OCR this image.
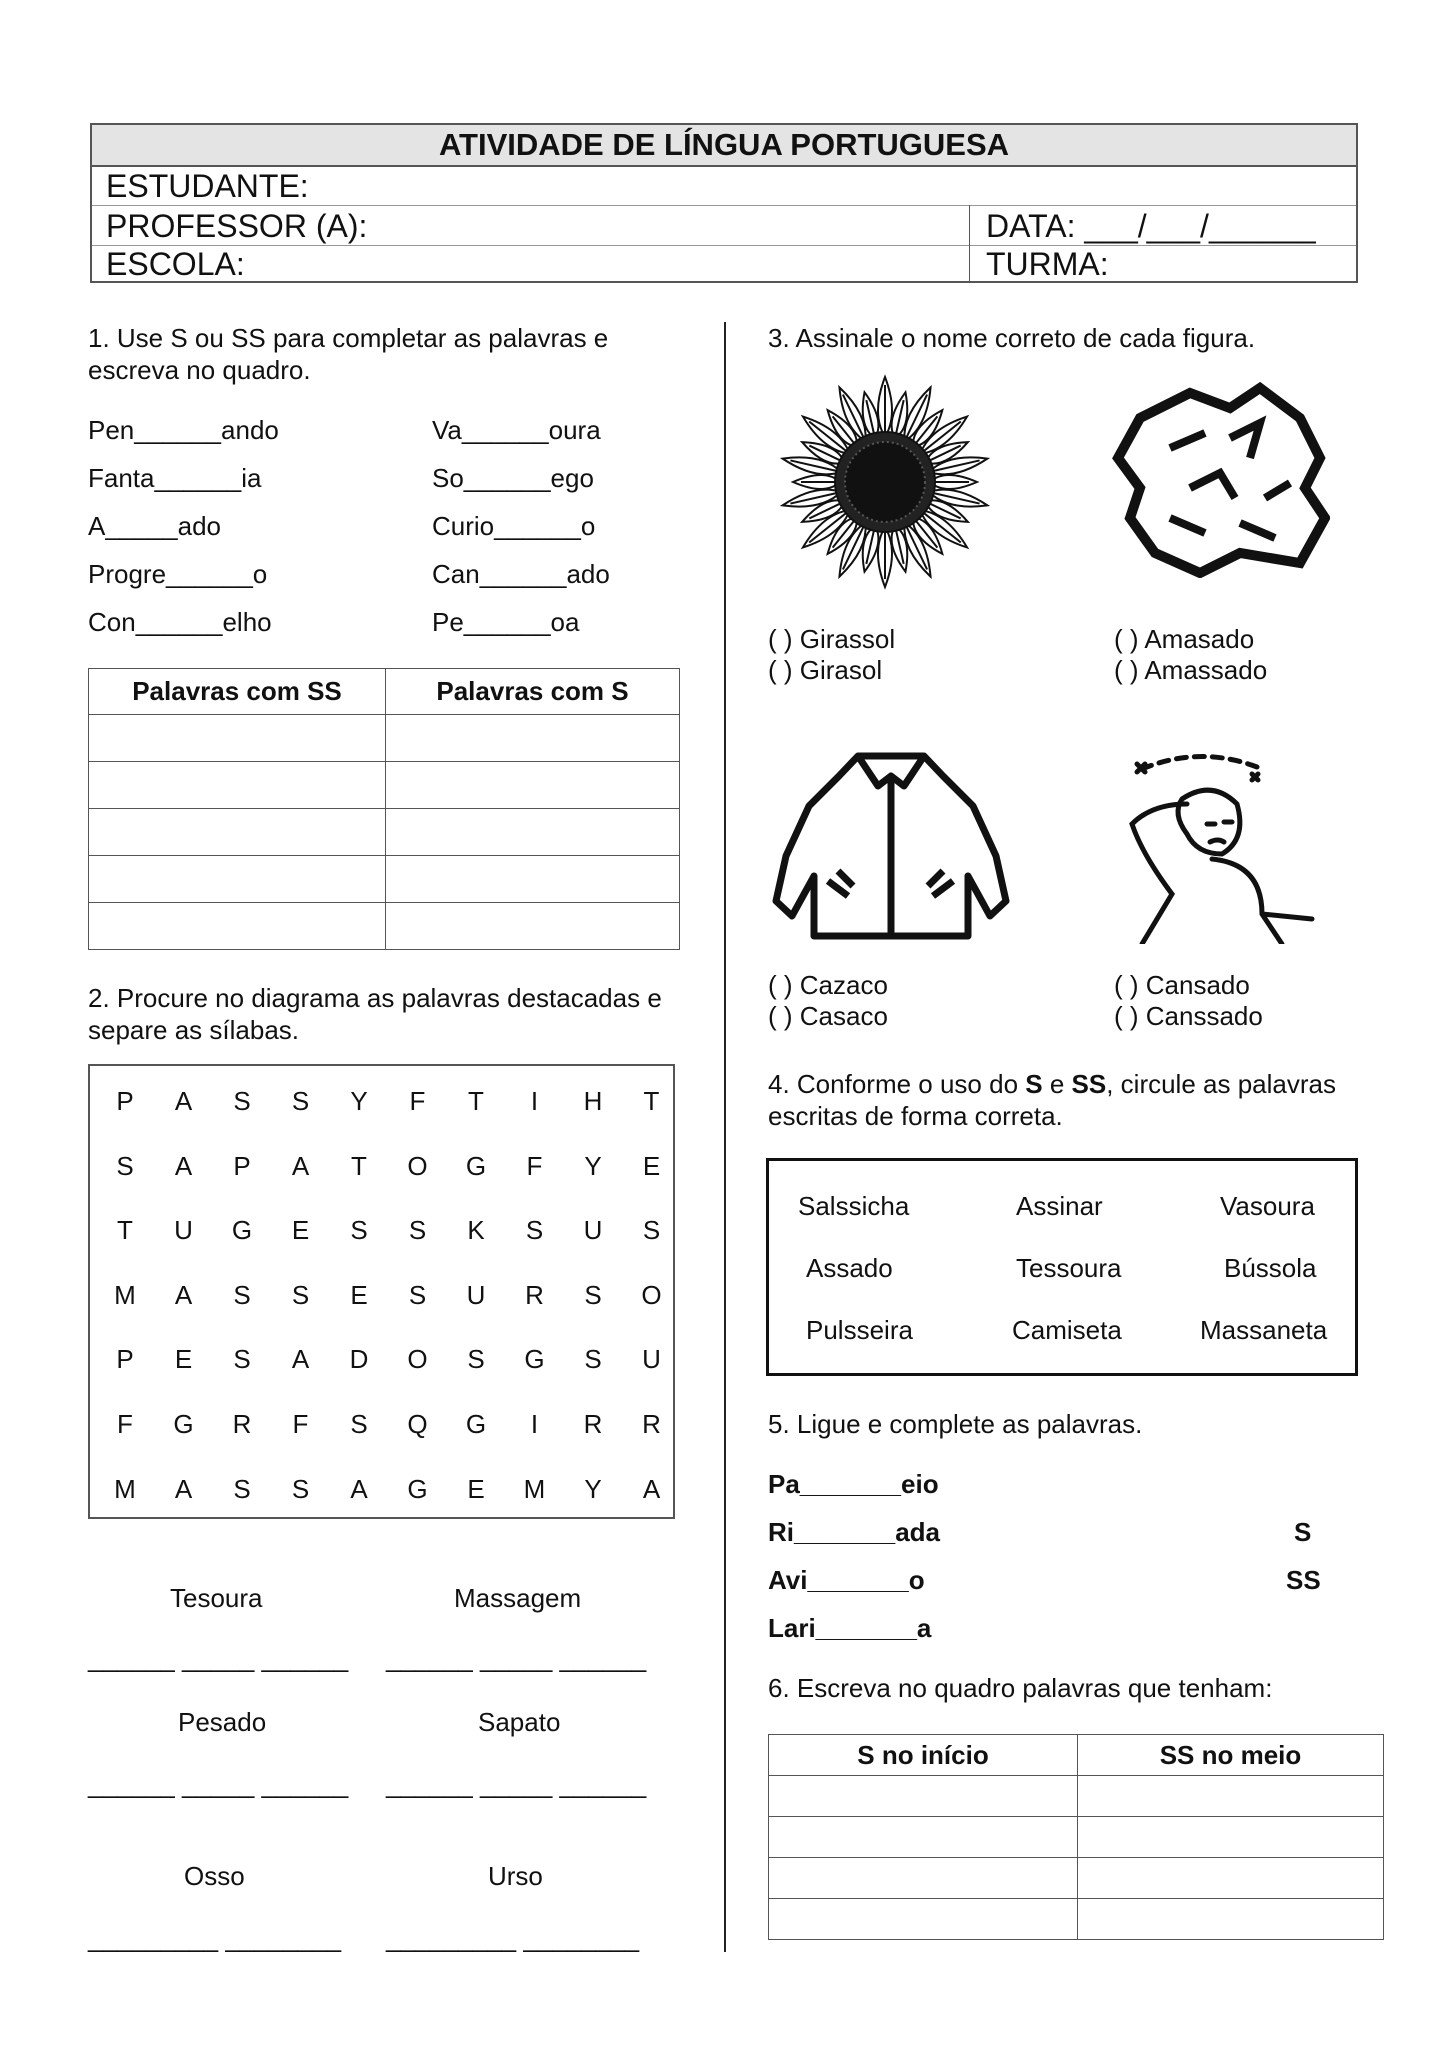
ATIVIDADE DE LÍNGUA PORTUGUESA
ESTUDANTE:
PROFESSOR (A):	DATA: ___/___/______
ESCOLA:	TURMA:
1. Use S ou SS para completar as palavras e
escreva no quadro.
Pen______ando
Fanta______ia
A_____ado
Progre______o
Con______elho
Va______oura
So______ego
Curio______o
Can______ado
Pe______oa
Palavras com SS	Palavras com S

2. Procure no diagrama as palavras destacadas e
separe as sílabas.
P	A	S	S	Y	F	T	I	H	T
S	A	P	A	T	O	G	F	Y	E
T	U	G	E	S	S	K	S	U	S
M	A	S	S	E	S	U	R	S	O
P	E	S	A	D	O	S	G	S	U
F	G	R	F	S	Q	G	I	R	R
M	A	S	S	A	G	E	M	Y	A
Tesoura	Massagem
______ _____ ______ ______ _____ ______
Pesado	Sapato
______ _____ ______ ______ _____ ______
Osso	Urso
_________ ________ _________ ________
3. Assinale o nome correto de cada figura.
( ) Girassol
( ) Girasol
( ) Amasado
( ) Amassado
( ) Cazaco
( ) Casaco
( ) Cansado
( ) Canssado
4. Conforme o uso do S e SS, circule as palavras
escritas de forma correta.
Salssicha	Assinar	Vasoura
Assado	Tessoura	Bússola
Pulsseira	Camiseta	Massaneta
5. Ligue e complete as palavras.
Pa_______eio
Ri_______ada
Avi_______o
Lari_______a
S
SS
6. Escreva no quadro palavras que tenham:
S no início	SS no meio
